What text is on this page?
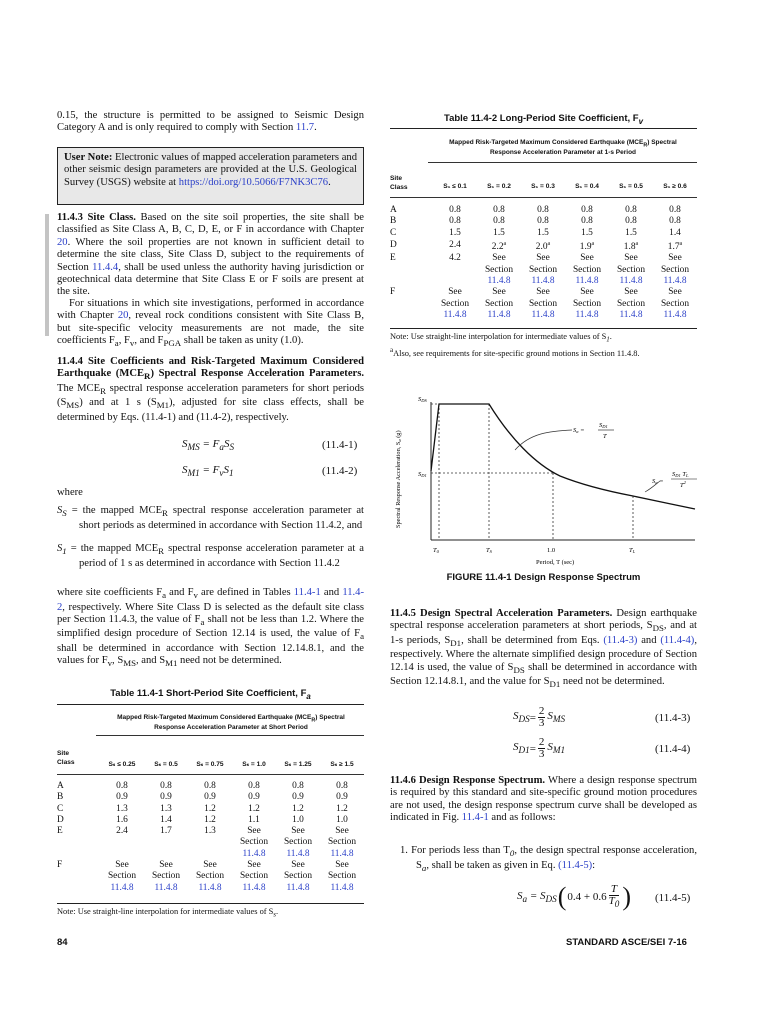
0.15, the structure is permitted to be assigned to Seismic Design Category A and is only required to comply with Section 11.7.

User Note: Electronic values of mapped acceleration parameters and other seismic design parameters are provided at the U.S. Geological Survey (USGS) website at https://doi.org/10.5066/F7NK3C76.

11.4.3 Site Class. Based on the site soil properties, the site shall be classified as Site Class A, B, C, D, E, or F in accordance with Chapter 20. Where the soil properties are not known in sufficient detail to determine the site class, Site Class D, subject to the requirements of Section 11.4.4, shall be used unless the authority having jurisdiction or geotechnical data determine that Site Class E or F soils are present at the site.

For situations in which site investigations, performed in accordance with Chapter 20, reveal rock conditions consistent with Site Class B, but site-specific velocity measurements are not made, the site coefficients $F_a$, $F_v$, and $F_{PGA}$ shall be taken as unity (1.0).

11.4.4 Site Coefficients and Risk-Targeted Maximum Considered Earthquake $(MCE_R)$ Spectral Response Acceleration Parameters. The $MCE_R$ spectral response acceleration parameters for short periods $(S_{MS})$ and at 1 s $(S_{M1})$, adjusted for site class effects, shall be determined by Eqs. (11.4-1) and (11.4-2), respectively.

$S_{MS} = F_aS_S$	(11.4-1)
$S_{M1} = F_vS_1$	(11.4-2)
where
$S_S$ = the mapped $MCE_R$ spectral response acceleration parameter at short periods as determined in accordance with Section 11.4.2, and
$S_1$ = the mapped $MCE_R$ spectral response acceleration parameter at a period of 1 s as determined in accordance with Section 11.4.2

where site coefficients $F_a$ and $F_v$ are defined in Tables 11.4-1 and 11.4-2, respectively. Where Site Class D is selected as the default site class per Section 11.4.3, the value of $F_a$ shall not be less than 1.2. Where the simplified design procedure of Section 12.14 is used, the value of $F_a$ shall be determined in accordance with Section 12.14.8.1, and the values for $F_v$, $S_{MS}$, and $S_{M1}$ need not be determined.

Table 11.4-1 Short-Period Site Coefficient, $F_a$
Mapped Risk-Targeted Maximum Considered Earthquake $(MCE_R)$ Spectral
Response Acceleration Parameter at Short Period
Site
Class	Sₛ ≤ 0.25	Sₛ = 0.5	Sₛ = 0.75	Sₛ = 1.0	Sₛ = 1.25	Sₛ ≥ 1.5
A	0.8	0.8	0.8	0.8	0.8	0.8
B	0.9	0.9	0.9	0.9	0.9	0.9
C	1.3	1.3	1.2	1.2	1.2	1.2
D	1.6	1.4	1.2	1.1	1.0	1.0
E	2.4	1.7	1.3	See	See	See
				Section	Section	Section
				11.4.8	11.4.8	11.4.8
F	See	See	See	See	See	See
	Section	Section	Section	Section	Section	Section
	11.4.8	11.4.8	11.4.8	11.4.8	11.4.8	11.4.8
Note: Use straight-line interpolation for intermediate values of $S_s$.
Table 11.4-2 Long-Period Site Coefficient, $F_v$
Mapped Risk-Targeted Maximum Considered Earthquake $(MCE_R)$ Spectral
Response Acceleration Parameter at 1-s Period
Site
Class	S₁ ≤ 0.1	S₁ = 0.2	S₁ = 0.3	S₁ = 0.4	S₁ = 0.5	S₁ ≥ 0.6
A	0.8	0.8	0.8	0.8	0.8	0.8
B	0.8	0.8	0.8	0.8	0.8	0.8
C	1.5	1.5	1.5	1.5	1.5	1.4
D	2.4	2.2$^a$	2.0$^a$	1.9$^a$	1.8$^a$	1.7$^a$
E	4.2	See	See	See	See	See
		Section	Section	Section	Section	Section
		11.4.8	11.4.8	11.4.8	11.4.8	11.4.8
F	See	See	See	See	See	See
	Section	Section	Section	Section	Section	Section
	11.4.8	11.4.8	11.4.8	11.4.8	11.4.8	11.4.8
Note: Use straight-line interpolation for intermediate values of $S_1$.
$^a$Also, see requirements for site-specific ground motions in Section 11.4.8.
SDS
SD1
Spectral Response Acceleration, Sa (g)	Sa =
SD1
T
Sa =
SD1 TL
$T^2$
T0	TS	1.0	TL
Period, T (sec)
FIGURE 11.4-1 Design Response Spectrum

11.4.5 Design Spectral Acceleration Parameters. Design earthquake spectral response acceleration parameters at short periods, $S_{DS}$, and at 1-s periods, $S_{D1}$, shall be determined from Eqs. (11.4-3) and (11.4-4), respectively. Where the alternate simplified design procedure of Section 12.14 is used, the value of $S_{DS}$ shall be determined in accordance with Section 12.14.8.1, and the value for $S_{D1}$ need not be determined.

$S_{DS} = \frac{2}{3} S_{MS}$	(11.4-3)
$S_{D1} = \frac{2}{3} S_{M1}$	(11.4-4)

11.4.6 Design Response Spectrum. Where a design response spectrum is required by this standard and site-specific ground motion procedures are not used, the design response spectrum curve shall be developed as indicated in Fig. 11.4-1 and as follows:

1. For periods less than $T_0$, the design spectral response acceleration, $S_a$, shall be taken as given in Eq. (11.4-5):
$S_a = S_{DS}$ ( $0.4 + 0.6 \frac{T}{T_0}$ ) (11.4-5)
84	STANDARD ASCE/SEI 7-16
